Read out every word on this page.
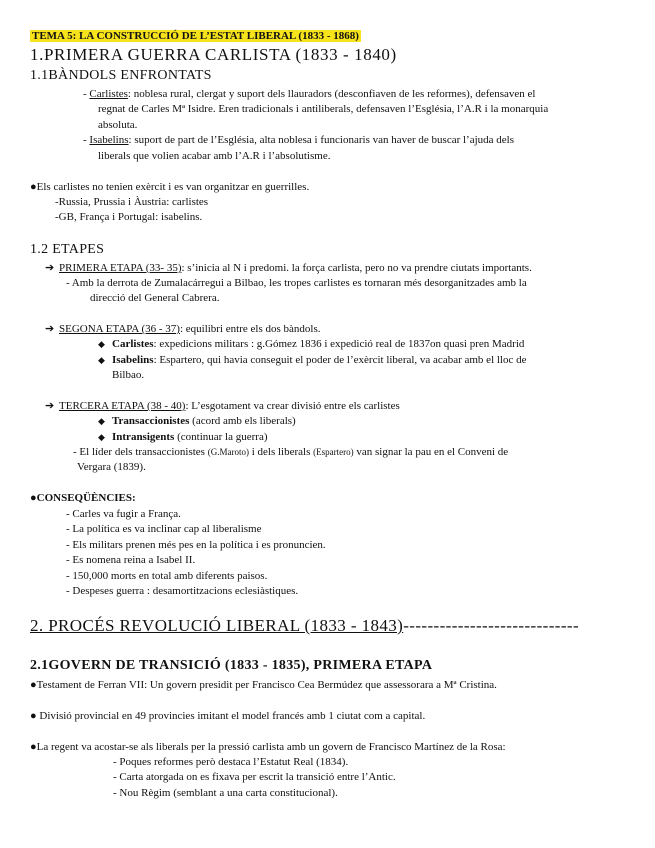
TEMA 5: LA CONSTRUCCIÓ DE L’ESTAT LIBERAL (1833 - 1868)
1.PRIMERA GUERRA CARLISTA (1833 - 1840)
1.1BÀNDOLS ENFRONTATS
- Carlistes: noblesa rural, clergat y suport dels llauradors (desconfiaven de les reformes), defensaven el
regnat de Carles Mª Isidre. Eren tradicionals i antiliberals, defensaven l’Església, l’A.R i la monarquia
absoluta.
- Isabelins: suport de part de l’Església, alta noblesa i funcionaris van haver de buscar l’ajuda dels
liberals que volien acabar amb l’A.R i l’absolutisme.
●Els carlistes no tenien exèrcit i es van organitzar en guerrilles.
-Russia, Prussia i Àustria: carlistes
-GB, França i Portugal: isabelins.
1.2 ETAPES
➔ PRIMERA ETAPA (33- 35): s’inicia al N i predomi. la força carlista, pero no va prendre ciutats importants.
- Amb la derrota de Zumalacárregui a Bilbao, les tropes carlistes es tornaran més desorganitzades amb la
direcció del General Cabrera.
➔ SEGONA ETAPA (36 - 37): equilibri entre els dos bàndols.
◆ Carlistes: expedicions militars : g.Gómez 1836 i expedició real de 1837on quasi pren Madrid
◆ Isabelins: Espartero, qui havia conseguit el poder de l’exèrcit liberal, va acabar amb el lloc de
Bilbao.
➔ TERCERA ETAPA (38 - 40): L’esgotament va crear divisió entre els carlistes
◆ Transaccionistes (acord amb els liberals)
◆ Intransigents (continuar la guerra)
- El líder dels transaccionistes (G.Maroto) i dels liberals (Espartero) van signar la pau en el Conveni de
Vergara (1839).
●CONSEQÜÈNCIES:
- Carles va fugir a França.
- La política es va inclinar cap al liberalisme
- Els militars prenen més pes en la política i es pronuncien.
- Es nomena reina a Isabel II.
- 150,000 morts en total amb diferents paisos.
- Despeses guerra : desamortitzacions eclesiàstiques.
2. PROCÉS REVOLUCIÓ LIBERAL (1833 - 1843)-----------------------------
2.1GOVERN DE TRANSICIÓ (1833 - 1835), PRIMERA ETAPA
●Testament de Ferran VII: Un govern presidit per Francisco Cea Bermúdez que assessorara a Mª Cristina.
● Divisió provincial en 49 provincies imitant el model francés amb 1 ciutat com a capital.
●La regent va acostar-se als liberals per la pressió carlista amb un govern de Francisco Martínez de la Rosa:
- Poques reformes però destaca l’Estatut Real (1834).
- Carta atorgada on es fixava per escrit la transició entre l’Antic.
- Nou Règim (semblant a una carta constitucional).
